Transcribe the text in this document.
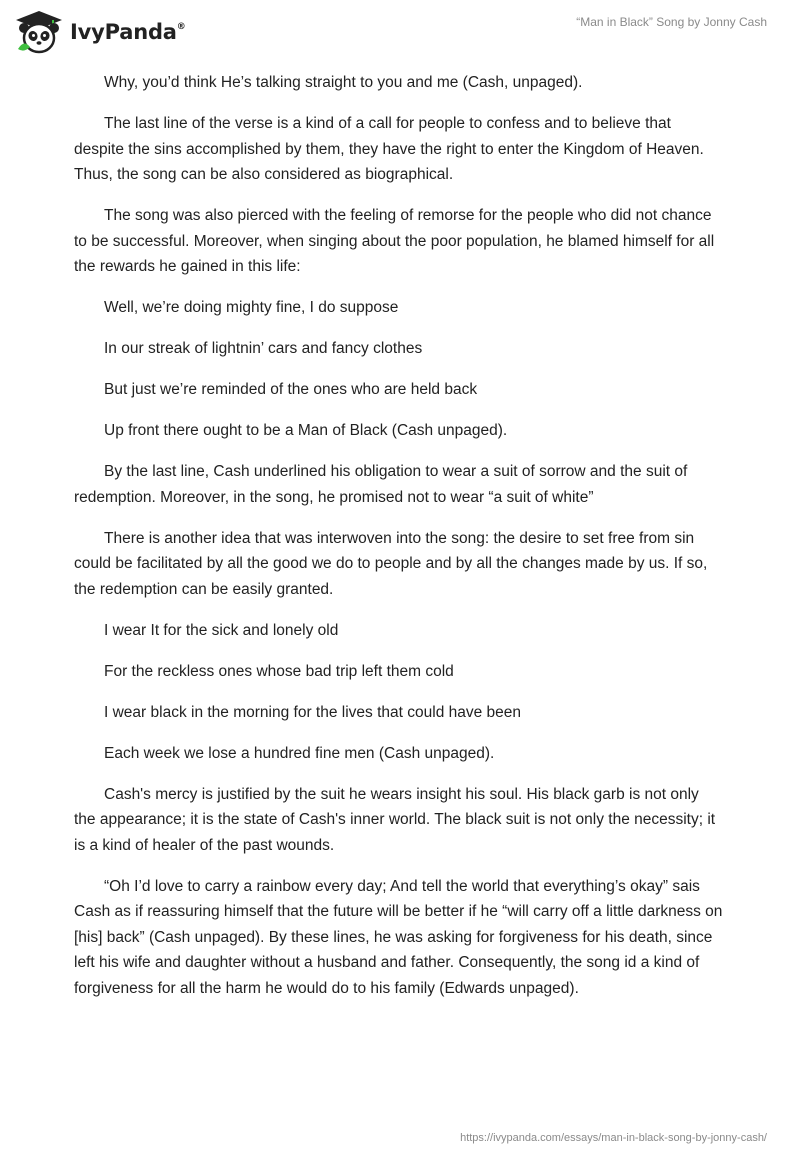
IvyPanda®	“Man in Black” Song by Jonny Cash

Why, you’d think He’s talking straight to you and me (Cash, unpaged).

The last line of the verse is a kind of a call for people to confess and to believe that despite the sins accomplished by them, they have the right to enter the Kingdom of Heaven. Thus, the song can be also considered as biographical.

The song was also pierced with the feeling of remorse for the people who did not chance to be successful. Moreover, when singing about the poor population, he blamed himself for all the rewards he gained in this life:

Well, we’re doing mighty fine, I do suppose

In our streak of lightnin’ cars and fancy clothes

But just we’re reminded of the ones who are held back

Up front there ought to be a Man of Black (Cash unpaged).

By the last line, Cash underlined his obligation to wear a suit of sorrow and the suit of redemption. Moreover, in the song, he promised not to wear “a suit of white”

There is another idea that was interwoven into the song: the desire to set free from sin could be facilitated by all the good we do to people and by all the changes made by us. If so, the redemption can be easily granted.

I wear It for the sick and lonely old

For the reckless ones whose bad trip left them cold

I wear black in the morning for the lives that could have been

Each week we lose a hundred fine men (Cash unpaged).

Cash's mercy is justified by the suit he wears insight his soul. His black garb is not only the appearance; it is the state of Cash's inner world. The black suit is not only the necessity; it is a kind of healer of the past wounds.

“Oh I’d love to carry a rainbow every day; And tell the world that everything’s okay” sais Cash as if reassuring himself that the future will be better if he “will carry off a little darkness on [his] back” (Cash unpaged). By these lines, he was asking for forgiveness for his death, since left his wife and daughter without a husband and father. Consequently, the song id a kind of forgiveness for all the harm he would do to his family (Edwards unpaged).

https://ivypanda.com/essays/man-in-black-song-by-jonny-cash/
